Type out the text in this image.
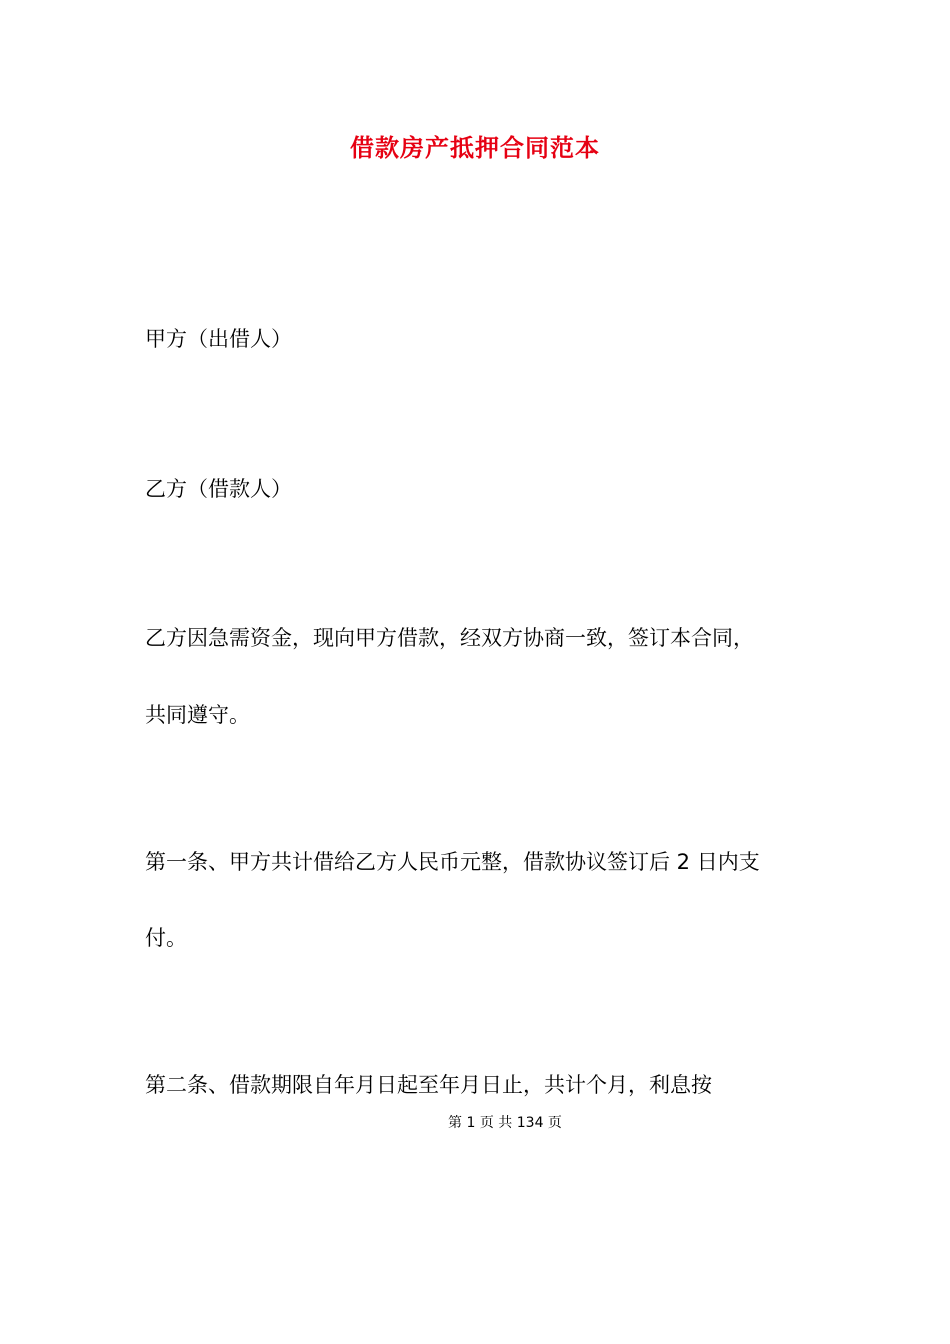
借款房产抵押合同范本

甲方（出借人）

乙方（借款人）

乙方因急需资金，现向甲方借款，经双方协商一致，签订本合同，

共同遵守。

第一条、甲方共计借给乙方人民币元整，借款协议签订后 2 日内支

付。

第二条、借款期限自年月日起至年月日止，共计个月，利息按

第 1 页 共 134 页
